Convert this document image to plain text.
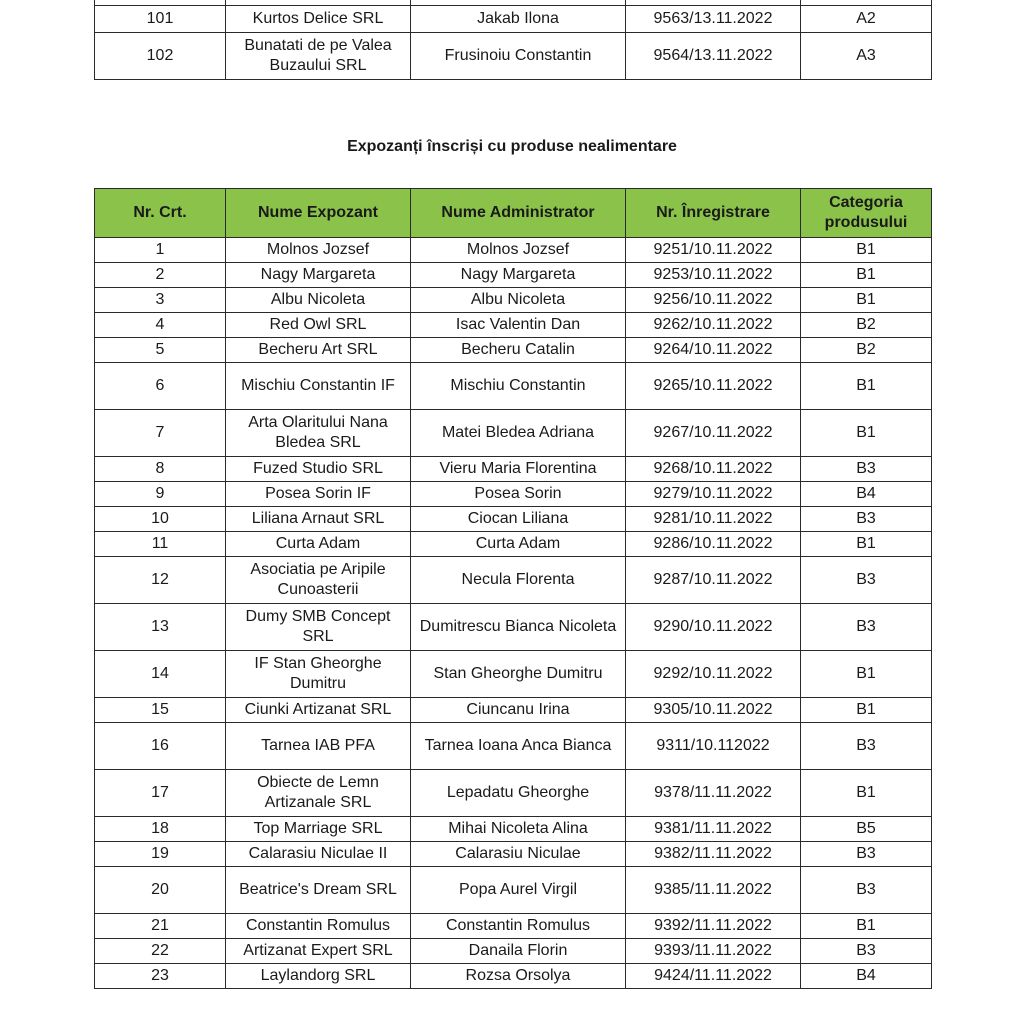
101	Kurtos Delice SRL	Jakab Ilona	9563/13.11.2022	A2
102	Bunatati de pe Valea Buzaului SRL	Frusinoiu Constantin	9564/13.11.2022	A3
Expozanți înscriși cu produse nealimentare
Nr. Crt.	Nume Expozant	Nume Administrator	Nr. Înregistrare	Categoria produsului
1	Molnos Jozsef	Molnos Jozsef	9251/10.11.2022	B1
2	Nagy Margareta	Nagy Margareta	9253/10.11.2022	B1
3	Albu Nicoleta	Albu Nicoleta	9256/10.11.2022	B1
4	Red Owl SRL	Isac Valentin Dan	9262/10.11.2022	B2
5	Becheru Art SRL	Becheru Catalin	9264/10.11.2022	B2
6	Mischiu Constantin IF	Mischiu Constantin	9265/10.11.2022	B1
7	Arta Olaritului Nana Bledea SRL	Matei Bledea Adriana	9267/10.11.2022	B1
8	Fuzed Studio SRL	Vieru Maria Florentina	9268/10.11.2022	B3
9	Posea Sorin IF	Posea Sorin	9279/10.11.2022	B4
10	Liliana Arnaut SRL	Ciocan Liliana	9281/10.11.2022	B3
11	Curta Adam	Curta Adam	9286/10.11.2022	B1
12	Asociatia pe Aripile Cunoasterii	Necula Florenta	9287/10.11.2022	B3
13	Dumy SMB Concept SRL	Dumitrescu Bianca Nicoleta	9290/10.11.2022	B3
14	IF Stan Gheorghe Dumitru	Stan Gheorghe Dumitru	9292/10.11.2022	B1
15	Ciunki Artizanat SRL	Ciuncanu Irina	9305/10.11.2022	B1
16	Tarnea IAB PFA	Tarnea Ioana Anca Bianca	9311/10.112022	B3
17	Obiecte de Lemn Artizanale SRL	Lepadatu Gheorghe	9378/11.11.2022	B1
18	Top Marriage SRL	Mihai Nicoleta Alina	9381/11.11.2022	B5
19	Calarasiu Niculae II	Calarasiu Niculae	9382/11.11.2022	B3
20	Beatrice's Dream SRL	Popa Aurel Virgil	9385/11.11.2022	B3
21	Constantin Romulus	Constantin Romulus	9392/11.11.2022	B1
22	Artizanat Expert SRL	Danaila Florin	9393/11.11.2022	B3
23	Laylandorg SRL	Rozsa Orsolya	9424/11.11.2022	B4
